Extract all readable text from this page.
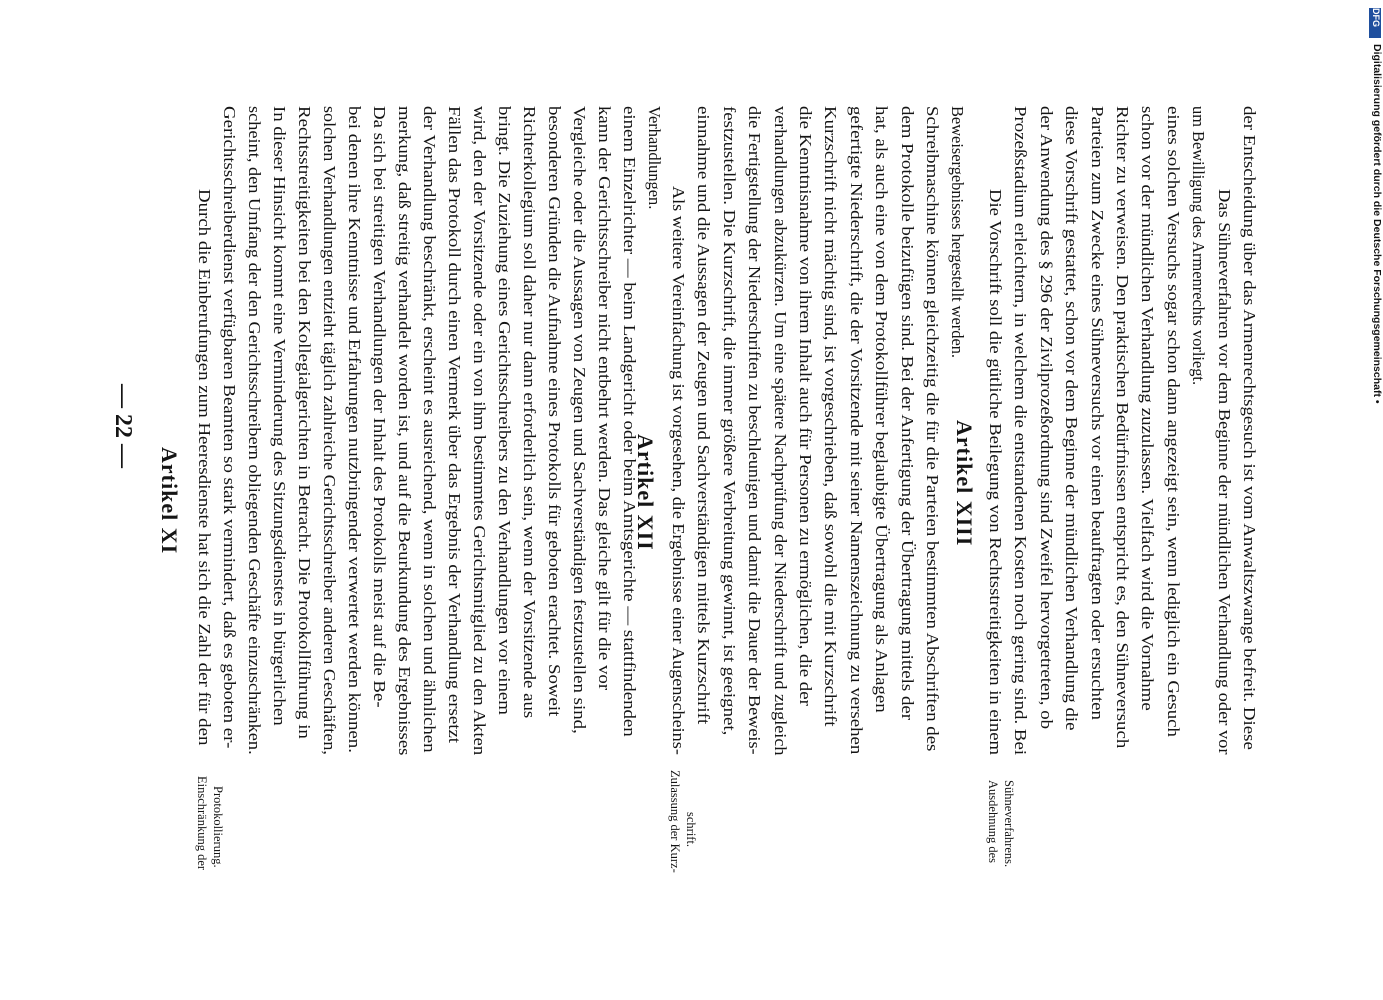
— 22 —
Artikel XI
Einschränkung der Protokollierung.
Durch die Einberufungen zum Heeresdienste hat sich die Zahl der für den Gerichtsschreiberdienst verfügbaren Beamten so stark vermindert, daß es geboten er- scheint, den Umfang der den Gerichtsschreibern obliegenden Geschäfte einzuschränken. In dieser Hinsicht kommt eine Verminderung des Sitzungsdienstes in bürgerlichen Rechtsstreitigkeiten bei den Kollegialgerichten in Betracht. Die Protokollführung in solchen Verhandlungen entzieht täglich zahlreiche Gerichtsschreiber anderen Geschäften, bei denen ihre Kenntnisse und Erfahrungen nutzbringender verwertet werden können. Da sich bei streitigen Verhandlungen der Inhalt des Protokolls meist auf die Be- merkung, daß streitig verhandelt worden ist, und auf die Beurkundung des Ergebnisses der Verhandlung beschränkt, erscheint es ausreichend, wenn in solchen und ähnlichen Fällen das Protokoll durch einen Vermerk über das Ergebnis der Verhandlung ersetzt wird, den der Vorsitzende oder ein von ihm bestimmtes Gerichtsmitglied zu den Akten bringt. Die Zuziehung eines Gerichtsschreibers zu den Verhandlungen vor einem Richterkollegium soll daher nur dann erforderlich sein, wenn der Vorsitzende aus besonderen Gründen die Aufnahme eines Protokolls für geboten erachtet. Soweit Vergleiche oder die Aussagen von Zeugen und Sachverständigen festzustellen sind, kann der Gerichtsschreiber nicht entbehrt werden. Das gleiche gilt für die vor einem Einzelrichter — beim Landgericht oder beim Amtsgerichte — stattfindenden Verhandlungen.
Artikel XII
Zulassung der Kurz- schrift.
Als weitere Vereinfachung ist vorgesehen, die Ergebnisse einer Augenscheins- einnahme und die Aussagen der Zeugen und Sachverständigen mittels Kurzschrift festzustellen. Die Kurzschrift, die immer größere Verbreitung gewinnt, ist geeignet, die Fertigstellung der Niederschriften zu beschleunigen und damit die Dauer der Beweis- verhandlungen abzukürzen. Um eine spätere Nachprüfung der Niederschrift und zugleich die Kenntnisnahme von ihrem Inhalt auch für Personen zu ermöglichen, die der Kurzschrift nicht mächtig sind, ist vorgeschrieben, daß sowohl die mit Kurzschrift gefertigte Niederschrift, die der Vorsitzende mit seiner Namenszeichnung zu versehen hat, als auch eine von dem Protokollführer beglaubigte Übertragung als Anlagen dem Protokolle beizufügen sind. Bei der Anfertigung der Übertragung mittels der Schreibmaschine können gleichzeitig die für die Parteien bestimmten Abschriften des Beweisergebnisses hergestellt werden.
Artikel XIII
Ausdehnung des Sühneverfahrens.
Die Vorschrift soll die gütliche Beilegung von Rechtsstreitigkeiten in einem Prozeßstadium erleichtern, in welchem die entstandenen Kosten noch gering sind. Bei der Anwendung des § 296 der Zivilprozeßordnung sind Zweifel hervorgetreten, ob diese Vorschrift gestattet, schon vor dem Beginne der mündlichen Verhandlung die Parteien zum Zwecke eines Sühneversuchs vor einen beauftragten oder ersuchten Richter zu verweisen. Den praktischen Bedürfnissen entspricht es, den Sühneversuch schon vor der mündlichen Verhandlung zuzulassen. Vielfach wird die Vornahme eines solchen Versuchs sogar schon dann angezeigt sein, wenn lediglich ein Gesuch um Bewilligung des Armenrechts vorliegt. Das Sühneverfahren vor dem Beginne der mündlichen Verhandlung oder vor der Entscheidung über das Armenrechtsgesuch ist vom Anwaltszwange befreit. Diese	Digitalisierung gefördert durch die Deutsche Forschungsgemeinschaft •
DFG
